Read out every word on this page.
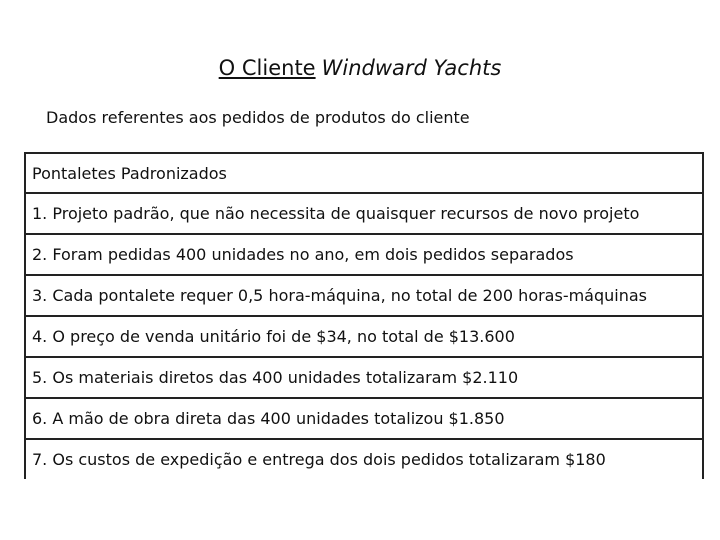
O Cliente Windward Yachts
Dados referentes aos pedidos de produtos do cliente
Pontaletes Padronizados
1. Projeto padrão, que não necessita de quaisquer recursos de novo projeto
2. Foram pedidas 400 unidades no ano, em dois pedidos separados
3. Cada pontalete requer 0,5 hora-máquina, no total de 200 horas-máquinas
4. O preço de venda unitário foi de $34, no total de $13.600
5. Os materiais diretos das 400 unidades totalizaram $2.110
6. A mão de obra direta das 400 unidades totalizou $1.850
7. Os custos de expedição e entrega dos dois pedidos totalizaram $180
